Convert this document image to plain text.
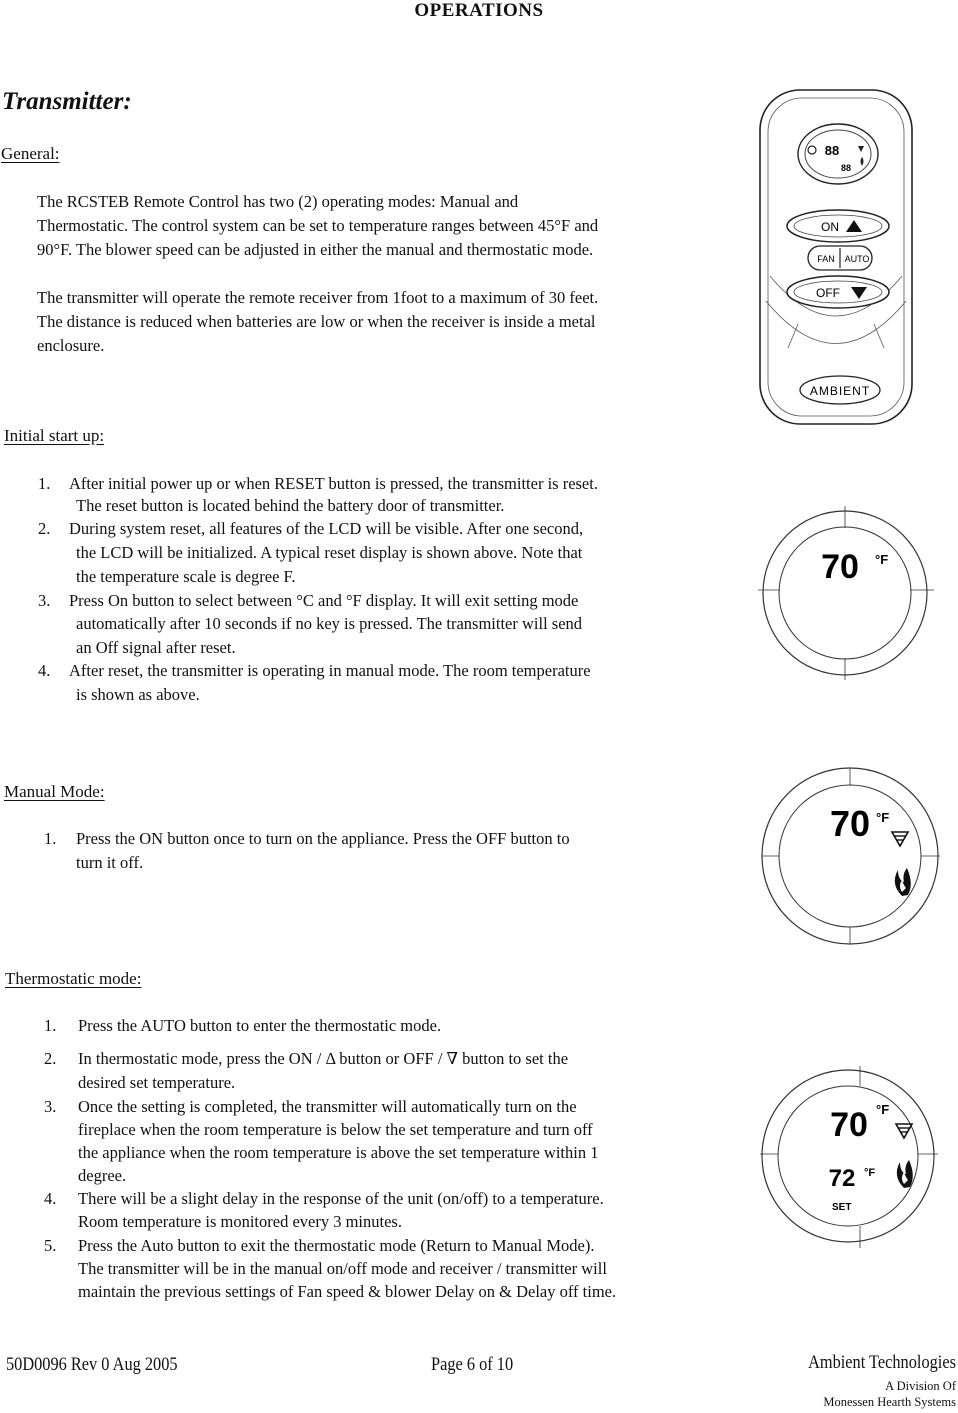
OPERATIONS
Transmitter:
General:
The RCSTEB Remote Control has two (2) operating modes: Manual and
Thermostatic. The control system can be set to temperature ranges between 45°F and
90°F. The blower speed can be adjusted in either the manual and thermostatic mode.
The transmitter will operate the remote receiver from 1foot to a maximum of 30 feet.
The distance is reduced when batteries are low or when the receiver is inside a metal
enclosure.
88
88
ON
FAN AUTO
OFF
AMBIENT
Initial start up:
1. After initial power up or when RESET button is pressed, the transmitter is reset.
The reset button is located behind the battery door of transmitter.
2. During system reset, all features of the LCD will be visible. After one second,
the LCD will be initialized. A typical reset display is shown above. Note that
the temperature scale is degree F.
3. Press On button to select between °C and °F display. It will exit setting mode
automatically after 10 seconds if no key is pressed. The transmitter will send
an Off signal after reset.
4. After reset, the transmitter is operating in manual mode. The room temperature
is shown as above.
70 °F
Manual Mode:
1. Press the ON button once to turn on the appliance. Press the OFF button to
turn it off.
70 °F
Thermostatic mode:
1. Press the AUTO button to enter the thermostatic mode.
2. In thermostatic mode, press the ON / Δ button or OFF / ∇ button to set the
desired set temperature.
3. Once the setting is completed, the transmitter will automatically turn on the
fireplace when the room temperature is below the set temperature and turn off
the appliance when the room temperature is above the set temperature within 1
degree.
4. There will be a slight delay in the response of the unit (on/off) to a temperature.
Room temperature is monitored every 3 minutes.
5. Press the Auto button to exit the thermostatic mode (Return to Manual Mode).
The transmitter will be in the manual on/off mode and receiver / transmitter will
maintain the previous settings of Fan speed & blower Delay on & Delay off time.
70 °F
72 °F
SET
50D0096 Rev 0 Aug 2005	Page 6 of 10	Ambient Technologies
A Division Of
Monessen Hearth Systems
